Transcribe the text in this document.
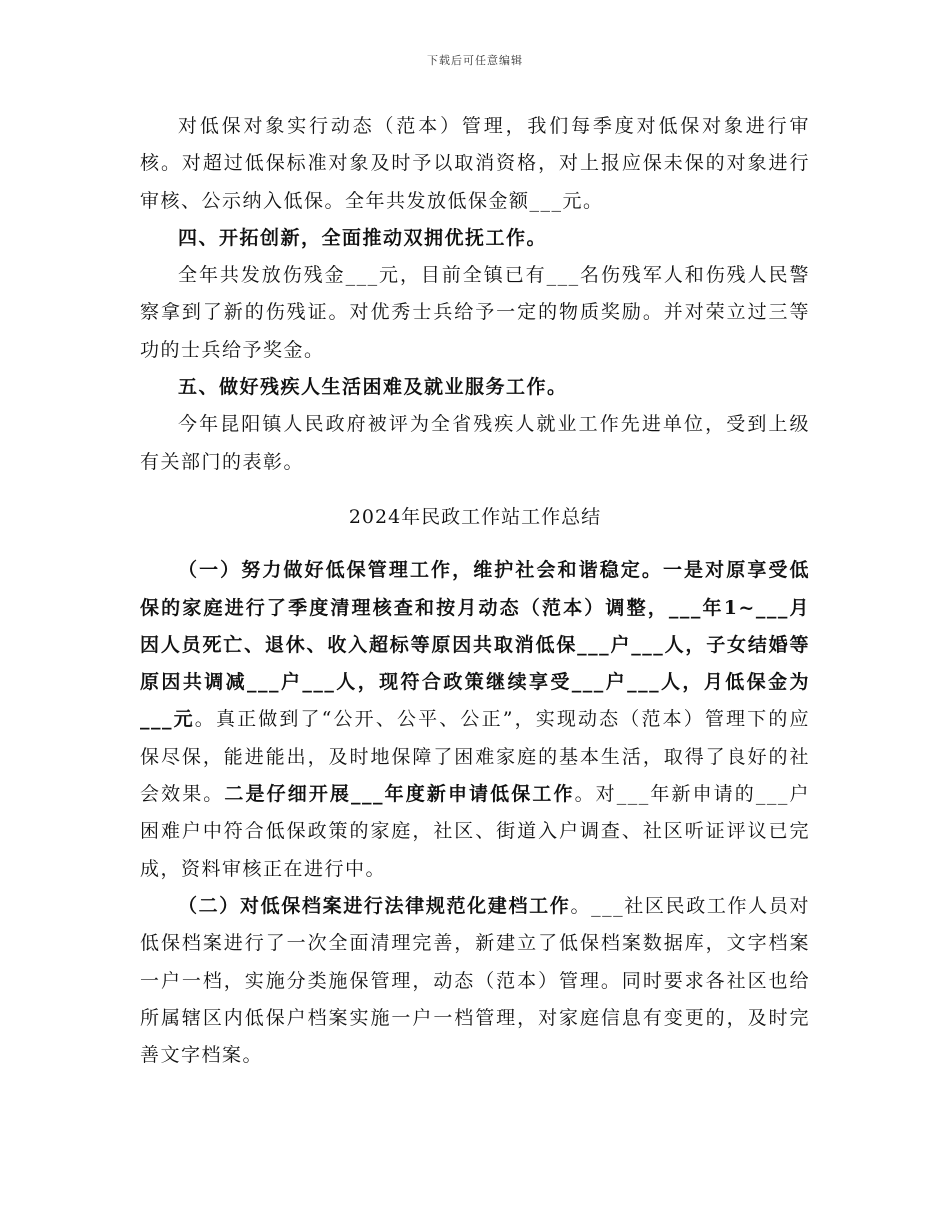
下载后可任意编辑

对低保对象实行动态（范本）管理，我们每季度对低保对象进行审核。对超过低保标准对象及时予以取消资格，对上报应保未保的对象进行审核、公示纳入低保。全年共发放低保金额___元。

四、开拓创新，全面推动双拥优抚工作。

全年共发放伤残金___元，目前全镇已有___名伤残军人和伤残人民警察拿到了新的伤残证。对优秀士兵给予一定的物质奖励。并对荣立过三等功的士兵给予奖金。

五、做好残疾人生活困难及就业服务工作。

今年昆阳镇人民政府被评为全省残疾人就业工作先进单位，受到上级有关部门的表彰。

2024年民政工作站工作总结

（一）努力做好低保管理工作，维护社会和谐稳定。一是对原享受低保的家庭进行了季度清理核查和按月动态（范本）调整，___年1~___月因人员死亡、退休、收入超标等原因共取消低保___户___人，子女结婚等原因共调减___户___人，现符合政策继续享受___户___人，月低保金为___元。真正做到了“公开、公平、公正”，实现动态（范本）管理下的应保尽保，能进能出，及时地保障了困难家庭的基本生活，取得了良好的社会效果。二是仔细开展___年度新申请低保工作。对___年新申请的___户困难户中符合低保政策的家庭，社区、街道入户调查、社区听证评议已完成，资料审核正在进行中。

（二）对低保档案进行法律规范化建档工作。___社区民政工作人员对低保档案进行了一次全面清理完善，新建立了低保档案数据库，文字档案一户一档，实施分类施保管理，动态（范本）管理。同时要求各社区也给所属辖区内低保户档案实施一户一档管理，对家庭信息有变更的，及时完善文字档案。
